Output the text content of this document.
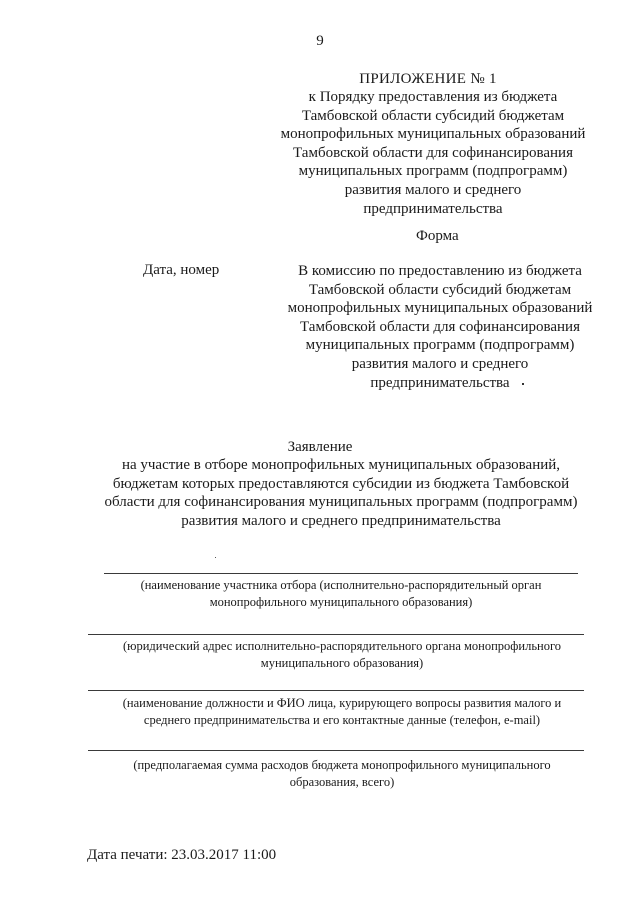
9
ПРИЛОЖЕНИЕ № 1
к Порядку предоставления из бюджета
Тамбовской области субсидий бюджетам
монопрофильных муниципальных образований
Тамбовской области для софинансирования
муниципальных программ (подпрограмм)
развития малого и среднего
предпринимательства
Форма
Дата, номер	В комиссию по предоставлению из бюджета
Тамбовской области субсидий бюджетам
монопрофильных муниципальных образований
Тамбовской области для софинансирования
муниципальных программ (подпрограмм)
развития малого и среднего
предпринимательства
Заявление
на участие в отборе монопрофильных муниципальных образований,
бюджетам которых предоставляются субсидии из бюджета Тамбовской
области для софинансирования муниципальных программ (подпрограмм)
развития малого и среднего предпринимательства
(наименование участника отбора (исполнительно-распорядительный орган
монопрофильного муниципального образования)
(юридический адрес исполнительно-распорядительного органа монопрофильного
муниципального образования)
(наименование должности и ФИО лица, курирующего вопросы развития малого и
среднего предпринимательства и его контактные данные (телефон, e-mail)
(предполагаемая сумма расходов бюджета монопрофильного муниципального
образования, всего)
Дата печати: 23.03.2017 11:00
